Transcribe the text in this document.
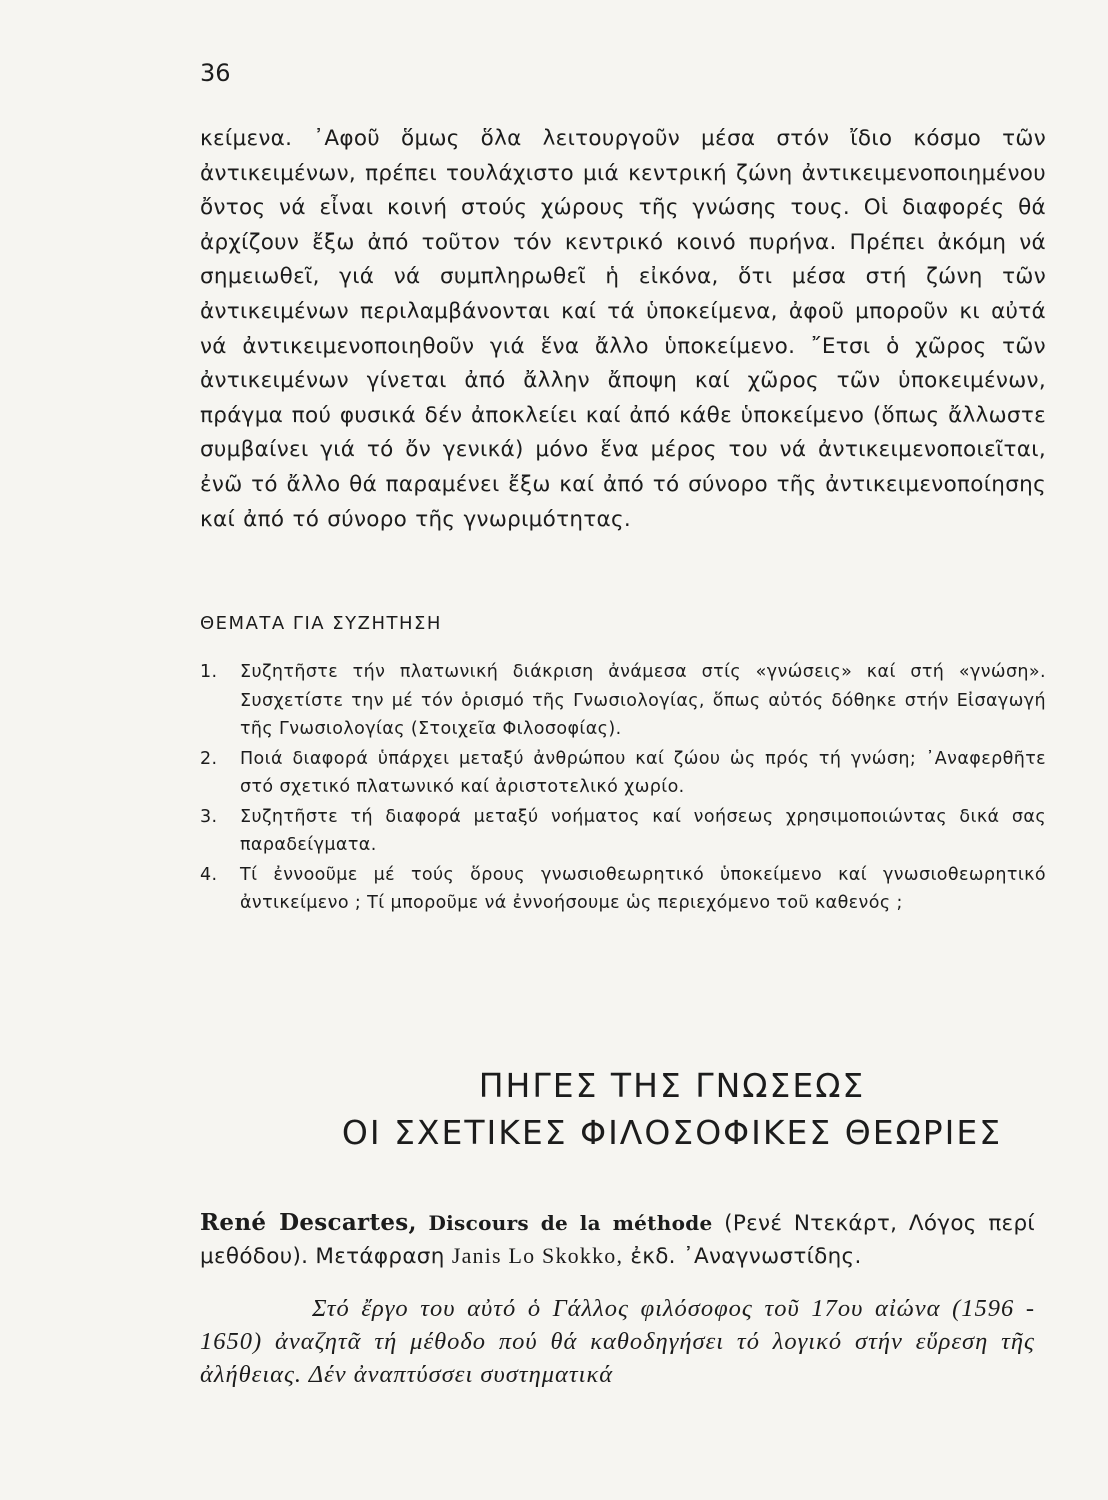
36

κείμενα. ᾿Αφοῦ ὅμως ὅλα λειτουργοῦν μέσα στόν ἴδιο κόσμο τῶν ἀντικειμένων, πρέπει τουλάχιστο μιά κεντρική ζώνη ἀντικειμενοποιημένου ὄντος νά εἶναι κοινή στούς χώρους τῆς γνώσης τους. Οἱ διαφορές θά ἀρχίζουν ἔξω ἀπό τοῦτον τόν κεντρικό κοινό πυρήνα. Πρέπει ἀκόμη νά σημειωθεῖ, γιά νά συμπληρωθεῖ ἡ εἰκόνα, ὅτι μέσα στή ζώνη τῶν ἀντικειμένων περιλαμβάνονται καί τά ὑποκείμενα, ἀφοῦ μποροῦν κι αὐτά νά ἀντικειμενοποιηθοῦν γιά ἕνα ἄλλο ὑποκείμενο. ῎Ετσι ὁ χῶρος τῶν ἀντικειμένων γίνεται ἀπό ἄλλην ἄποψη καί χῶρος τῶν ὑποκειμένων, πράγμα πού φυσικά δέν ἀποκλείει καί ἀπό κάθε ὑποκείμενο (ὅπως ἄλλωστε συμβαίνει γιά τό ὄν γενικά) μόνο ἕνα μέρος του νά ἀντικειμενοποιεῖται, ἐνῶ τό ἄλλο θά παραμένει ἔξω καί ἀπό τό σύνορο τῆς ἀντικειμενοποίησης καί ἀπό τό σύνορο τῆς γνωριμότητας.

ΘΕΜΑΤΑ ΓΙΑ ΣΥΖΗΤΗΣΗ
1. Συζητῆστε τήν πλατωνική διάκριση ἀνάμεσα στίς «γνώσεις» καί στή «γνώση». Συσχετίστε την μέ τόν ὁρισμό τῆς Γνωσιολογίας, ὅπως αὐτός δόθηκε στήν Εἰσαγωγή τῆς Γνωσιολογίας (Στοιχεῖα Φιλοσοφίας).
2. Ποιά διαφορά ὑπάρχει μεταξύ ἀνθρώπου καί ζώου ὡς πρός τή γνώση; ᾿Αναφερθῆτε στό σχετικό πλατωνικό καί ἀριστοτελικό χωρίο.
3. Συζητῆστε τή διαφορά μεταξύ νοήματος καί νοήσεως χρησιμοποιώντας δικά σας παραδείγματα.
4. Τί ἐννοοῦμε μέ τούς ὅρους γνωσιοθεωρητικό ὑποκείμενο καί γνωσιοθεωρητικό ἀντικείμενο ; Τί μποροῦμε νά ἐννοήσουμε ὡς περιεχόμενο τοῦ καθενός ;
ΠΗΓΕΣ ΤΗΣ ΓΝΩΣΕΩΣ
ΟΙ ΣΧΕΤΙΚΕΣ ΦΙΛΟΣΟΦΙΚΕΣ ΘΕΩΡΙΕΣ

René Descartes, Discours de la méthode (Ρενέ Ντεκάρτ, Λόγος περί μεθόδου). Μετάφραση Janis Lo Skokko, ἐκδ. ᾿Αναγνωστίδης.

Στό ἔργο του αὐτό ὁ Γάλλος φιλόσοφος τοῦ 17ου αἰώνα (1596 - 1650) ἀναζητᾶ τή μέθοδο πού θά καθοδηγήσει τό λογικό στήν εὕρεση τῆς ἀλήθειας. Δέν ἀναπτύσσει συστηματικά
